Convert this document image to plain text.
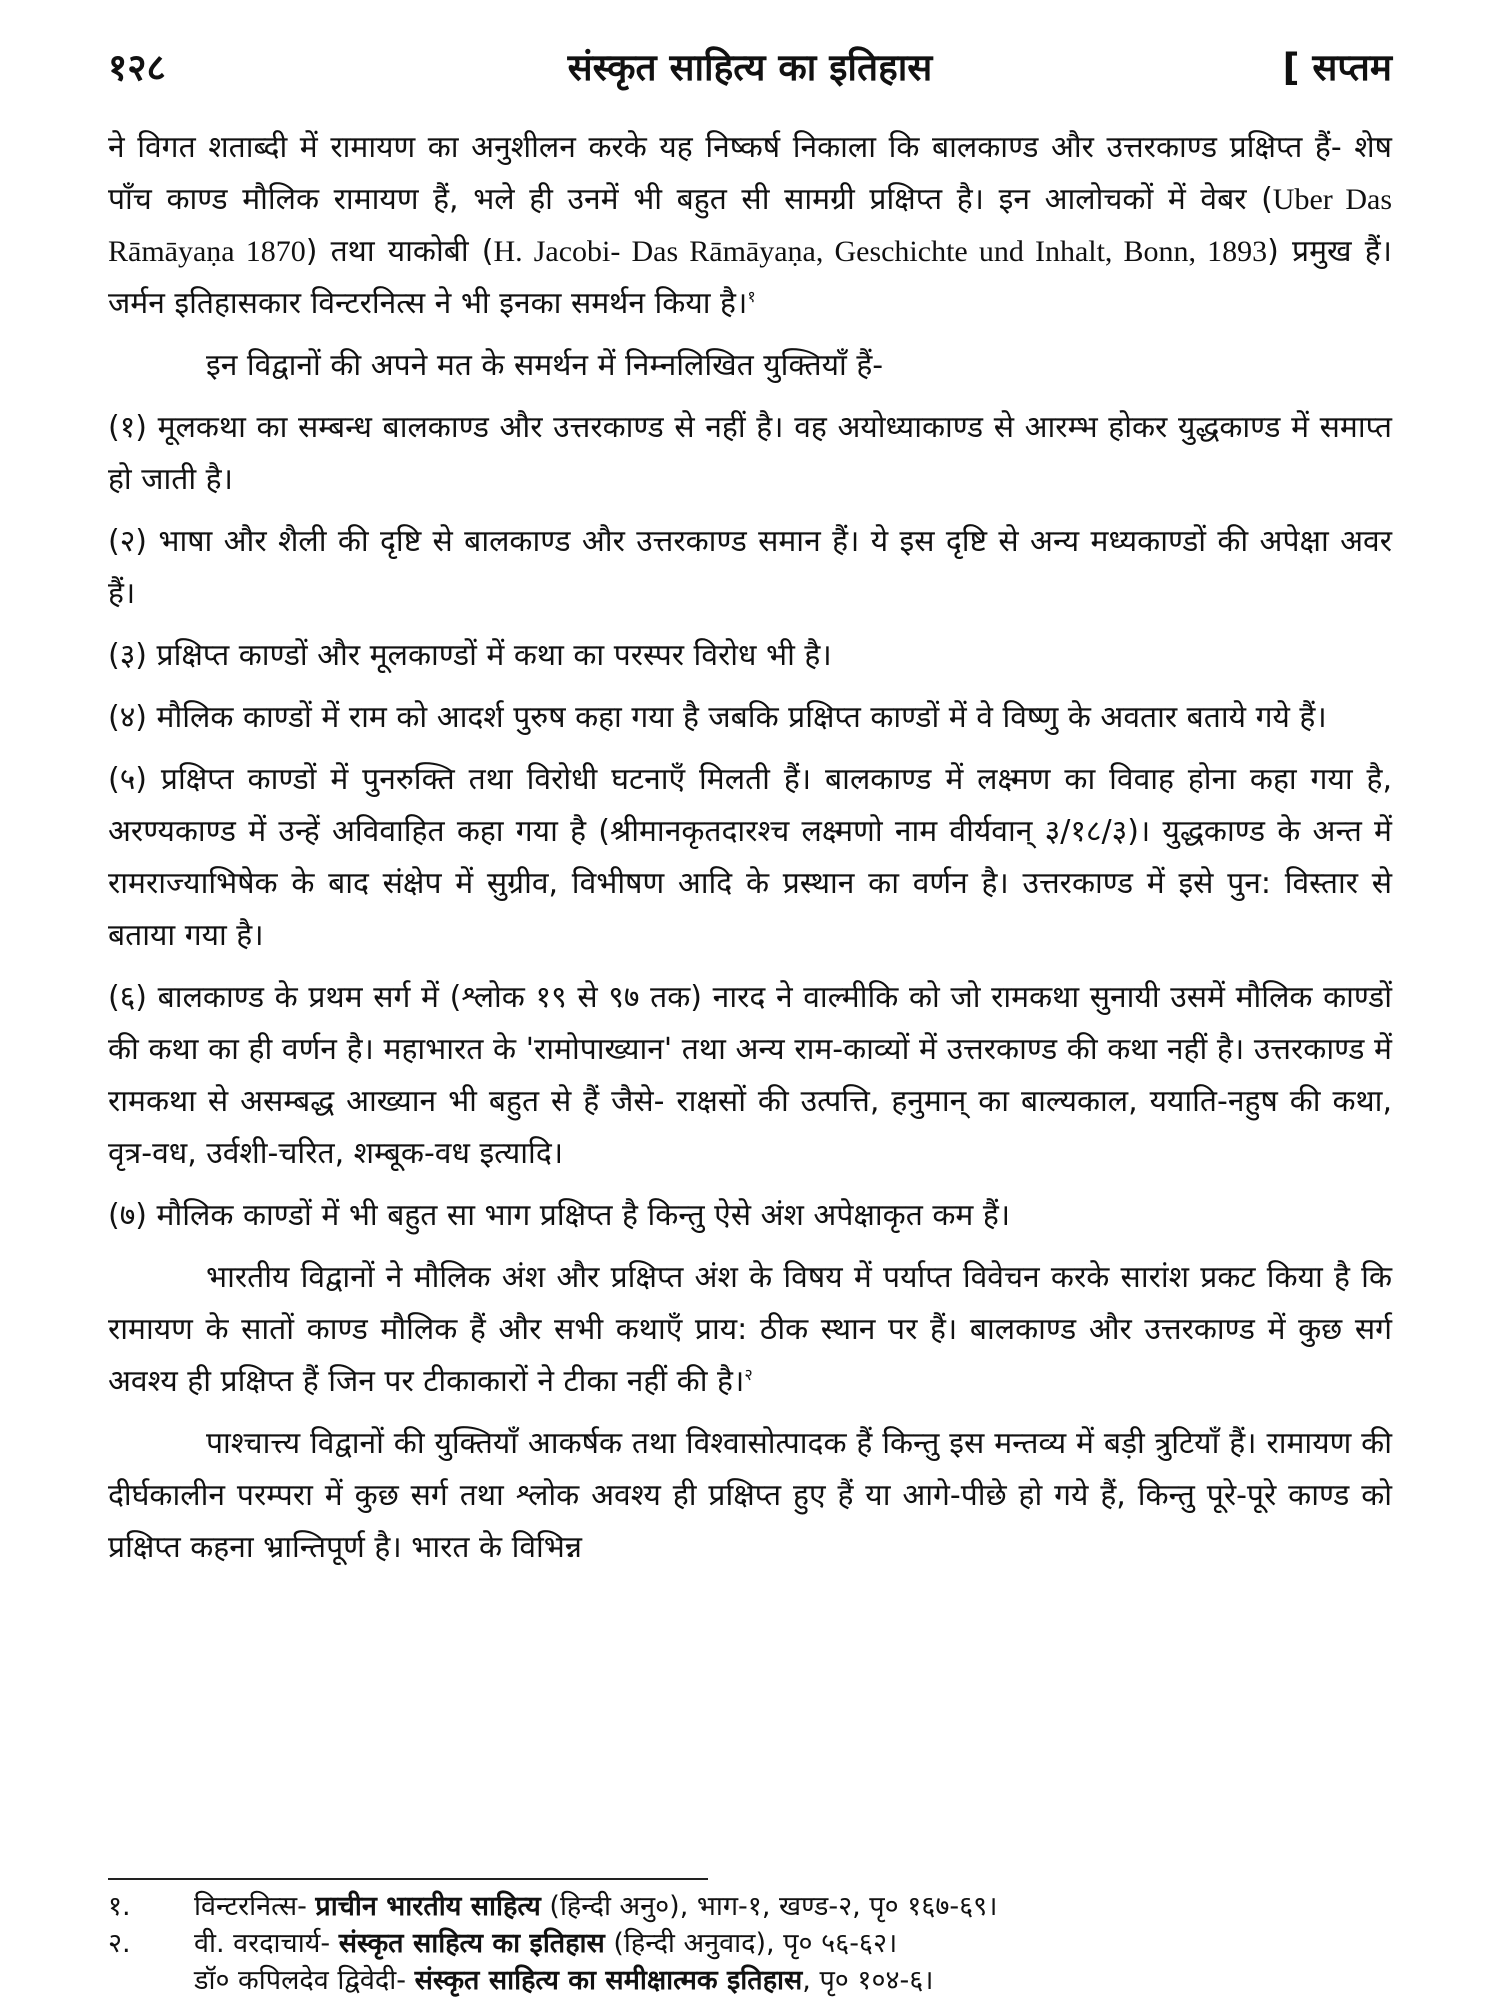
१२८	संस्कृत साहित्य का इतिहास	[ सप्तम

ने विगत शताब्दी में रामायण का अनुशीलन करके यह निष्कर्ष निकाला कि बालकाण्ड और उत्तरकाण्ड प्रक्षिप्त हैं- शेष पाँच काण्ड मौलिक रामायण हैं, भले ही उनमें भी बहुत सी सामग्री प्रक्षिप्त है। इन आलोचकों में वेबर (Uber Das Rāmāyaṇa 1870) तथा याकोबी (H. Jacobi- Das Rāmāyaṇa, Geschichte und Inhalt, Bonn, 1893) प्रमुख हैं। जर्मन इतिहासकार विन्टरनित्स ने भी इनका समर्थन किया है।$^१$

इन विद्वानों की अपने मत के समर्थन में निम्नलिखित युक्तियाँ हैं-

(१) मूलकथा का सम्बन्ध बालकाण्ड और उत्तरकाण्ड से नहीं है। वह अयोध्याकाण्ड से आरम्भ होकर युद्धकाण्ड में समाप्त हो जाती है।

(२) भाषा और शैली की दृष्टि से बालकाण्ड और उत्तरकाण्ड समान हैं। ये इस दृष्टि से अन्य मध्यकाण्डों की अपेक्षा अवर हैं।

(३) प्रक्षिप्त काण्डों और मूलकाण्डों में कथा का परस्पर विरोध भी है।

(४) मौलिक काण्डों में राम को आदर्श पुरुष कहा गया है जबकि प्रक्षिप्त काण्डों में वे विष्णु के अवतार बताये गये हैं।

(५) प्रक्षिप्त काण्डों में पुनरुक्ति तथा विरोधी घटनाएँ मिलती हैं। बालकाण्ड में लक्ष्मण का विवाह होना कहा गया है, अरण्यकाण्ड में उन्हें अविवाहित कहा गया है (श्रीमानकृतदारश्च लक्ष्मणो नाम वीर्यवान् ३/१८/३)। युद्धकाण्ड के अन्त में रामराज्याभिषेक के बाद संक्षेप में सुग्रीव, विभीषण आदि के प्रस्थान का वर्णन है। उत्तरकाण्ड में इसे पुन: विस्तार से बताया गया है।

(६) बालकाण्ड के प्रथम सर्ग में (श्लोक १९ से ९७ तक) नारद ने वाल्मीकि को जो रामकथा सुनायी उसमें मौलिक काण्डों की कथा का ही वर्णन है। महाभारत के 'रामोपाख्यान' तथा अन्य राम-काव्यों में उत्तरकाण्ड की कथा नहीं है। उत्तरकाण्ड में रामकथा से असम्बद्ध आख्यान भी बहुत से हैं जैसे- राक्षसों की उत्पत्ति, हनुमान् का बाल्यकाल, ययाति-नहुष की कथा, वृत्र-वध, उर्वशी-चरित, शम्बूक-वध इत्यादि।

(७) मौलिक काण्डों में भी बहुत सा भाग प्रक्षिप्त है किन्तु ऐसे अंश अपेक्षाकृत कम हैं।

भारतीय विद्वानों ने मौलिक अंश और प्रक्षिप्त अंश के विषय में पर्याप्त विवेचन करके सारांश प्रकट किया है कि रामायण के सातों काण्ड मौलिक हैं और सभी कथाएँ प्राय: ठीक स्थान पर हैं। बालकाण्ड और उत्तरकाण्ड में कुछ सर्ग अवश्य ही प्रक्षिप्त हैं जिन पर टीकाकारों ने टीका नहीं की है।$^२$

पाश्चात्त्य विद्वानों की युक्तियाँ आकर्षक तथा विश्वासोत्पादक हैं किन्तु इस मन्तव्य में बड़ी त्रुटियाँ हैं। रामायण की दीर्घकालीन परम्परा में कुछ सर्ग तथा श्लोक अवश्य ही प्रक्षिप्त हुए हैं या आगे-पीछे हो गये हैं, किन्तु पूरे-पूरे काण्ड को प्रक्षिप्त कहना भ्रान्तिपूर्ण है। भारत के विभिन्न

१. विन्टरनित्स- प्राचीन भारतीय साहित्य (हिन्दी अनु०), भाग-१, खण्ड-२, पृ० १६७-६९।
२. वी. वरदाचार्य- संस्कृत साहित्य का इतिहास (हिन्दी अनुवाद), पृ० ५६-६२।
डॉ० कपिलदेव द्विवेदी- संस्कृत साहित्य का समीक्षात्मक इतिहास, पृ० १०४-६।
